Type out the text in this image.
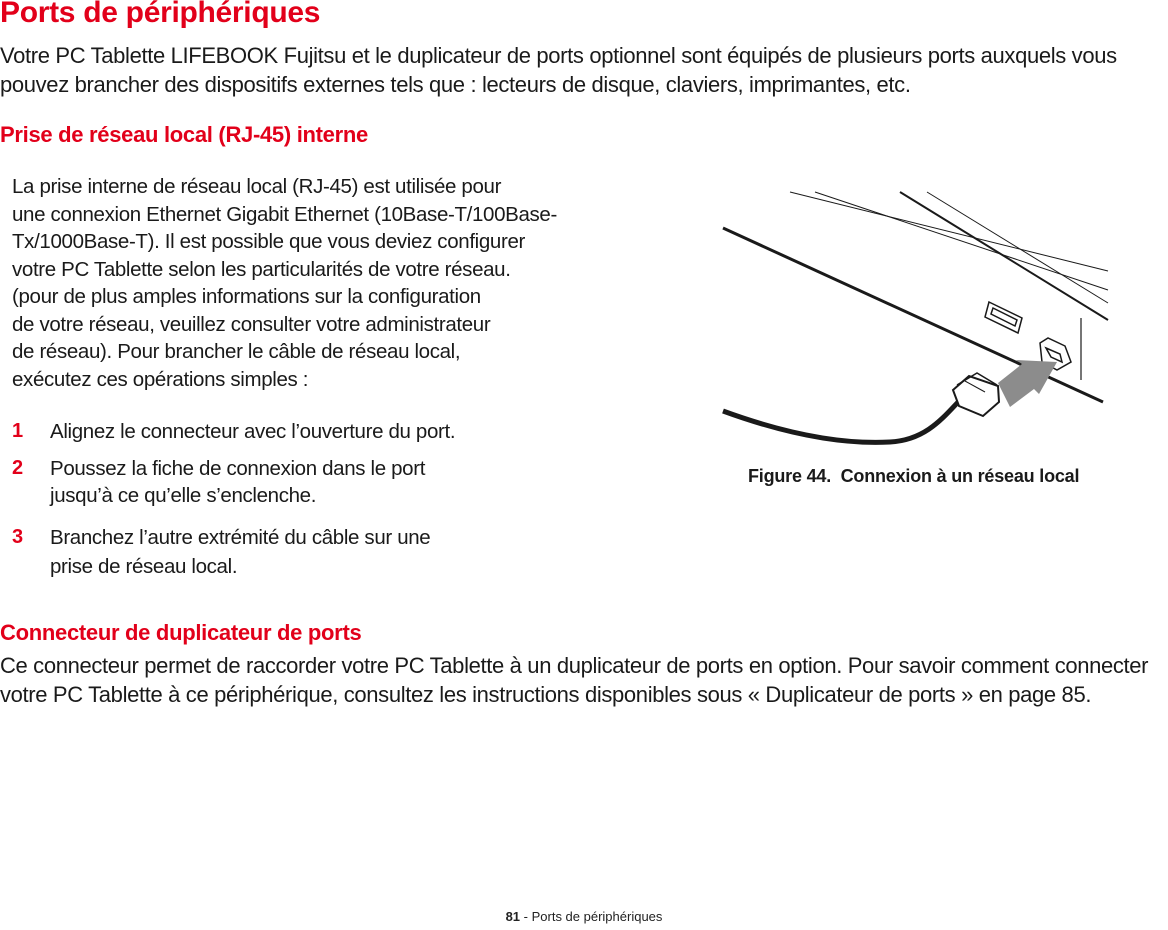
Ports de périphériques

Votre PC Tablette LIFEBOOK Fujitsu et le duplicateur de ports optionnel sont équipés de plusieurs ports auxquels vous pouvez brancher des dispositifs externes tels que : lecteurs de disque, claviers, imprimantes, etc.

Prise de réseau local (RJ-45) interne
La prise interne de réseau local (RJ-45) est utilisée pour
une connexion Ethernet Gigabit Ethernet (10Base-T/100Base-
Tx/1000Base-T). Il est possible que vous deviez configurer
votre PC Tablette selon les particularités de votre réseau.
(pour de plus amples informations sur la configuration
de votre réseau, veuillez consulter votre administrateur
de réseau). Pour brancher le câble de réseau local,
exécutez ces opérations simples :
1 Alignez le connecteur avec l’ouverture du port.
2 Poussez la fiche de connexion dans le port
jusqu’à ce qu’elle s’enclenche.
3 Branchez l’autre extrémité du câble sur une
prise de réseau local.
Figure 44.  Connexion à un réseau local
Connecteur de duplicateur de ports

Ce connecteur permet de raccorder votre PC Tablette à un duplicateur de ports en option. Pour savoir comment connecter votre PC Tablette à ce périphérique, consultez les instructions disponibles sous « Duplicateur de ports » en page 85.

81 - Ports de périphériques
